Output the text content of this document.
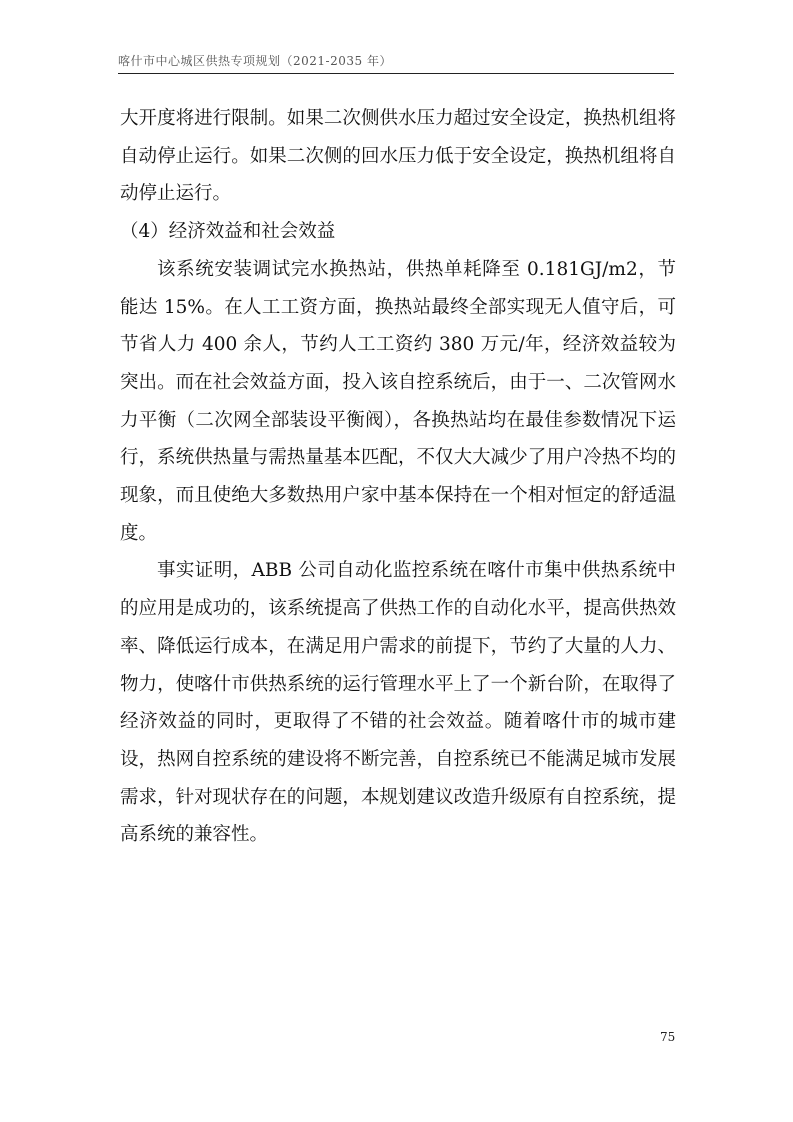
喀什市中心城区供热专项规划（2021-2035 年）

大开度将进行限制。如果二次侧供水压力超过安全设定，换热机组将自动停止运行。如果二次侧的回水压力低于安全设定，换热机组将自动停止运行。

（4）经济效益和社会效益

该系统安装调试完水换热站，供热单耗降至 0.181GJ/m2，节能达 15%。在人工工资方面，换热站最终全部实现无人值守后，可节省人力 400 余人，节约人工工资约 380 万元/年，经济效益较为突出。而在社会效益方面，投入该自控系统后，由于一、二次管网水力平衡（二次网全部装设平衡阀），各换热站均在最佳参数情况下运行，系统供热量与需热量基本匹配，不仅大大减少了用户冷热不均的现象，而且使绝大多数热用户家中基本保持在一个相对恒定的舒适温度。

事实证明，ABB 公司自动化监控系统在喀什市集中供热系统中的应用是成功的，该系统提高了供热工作的自动化水平，提高供热效率、降低运行成本，在满足用户需求的前提下，节约了大量的人力、物力，使喀什市供热系统的运行管理水平上了一个新台阶，在取得了经济效益的同时，更取得了不错的社会效益。随着喀什市的城市建设，热网自控系统的建设将不断完善，自控系统已不能满足城市发展需求，针对现状存在的问题，本规划建议改造升级原有自控系统，提高系统的兼容性。

75
